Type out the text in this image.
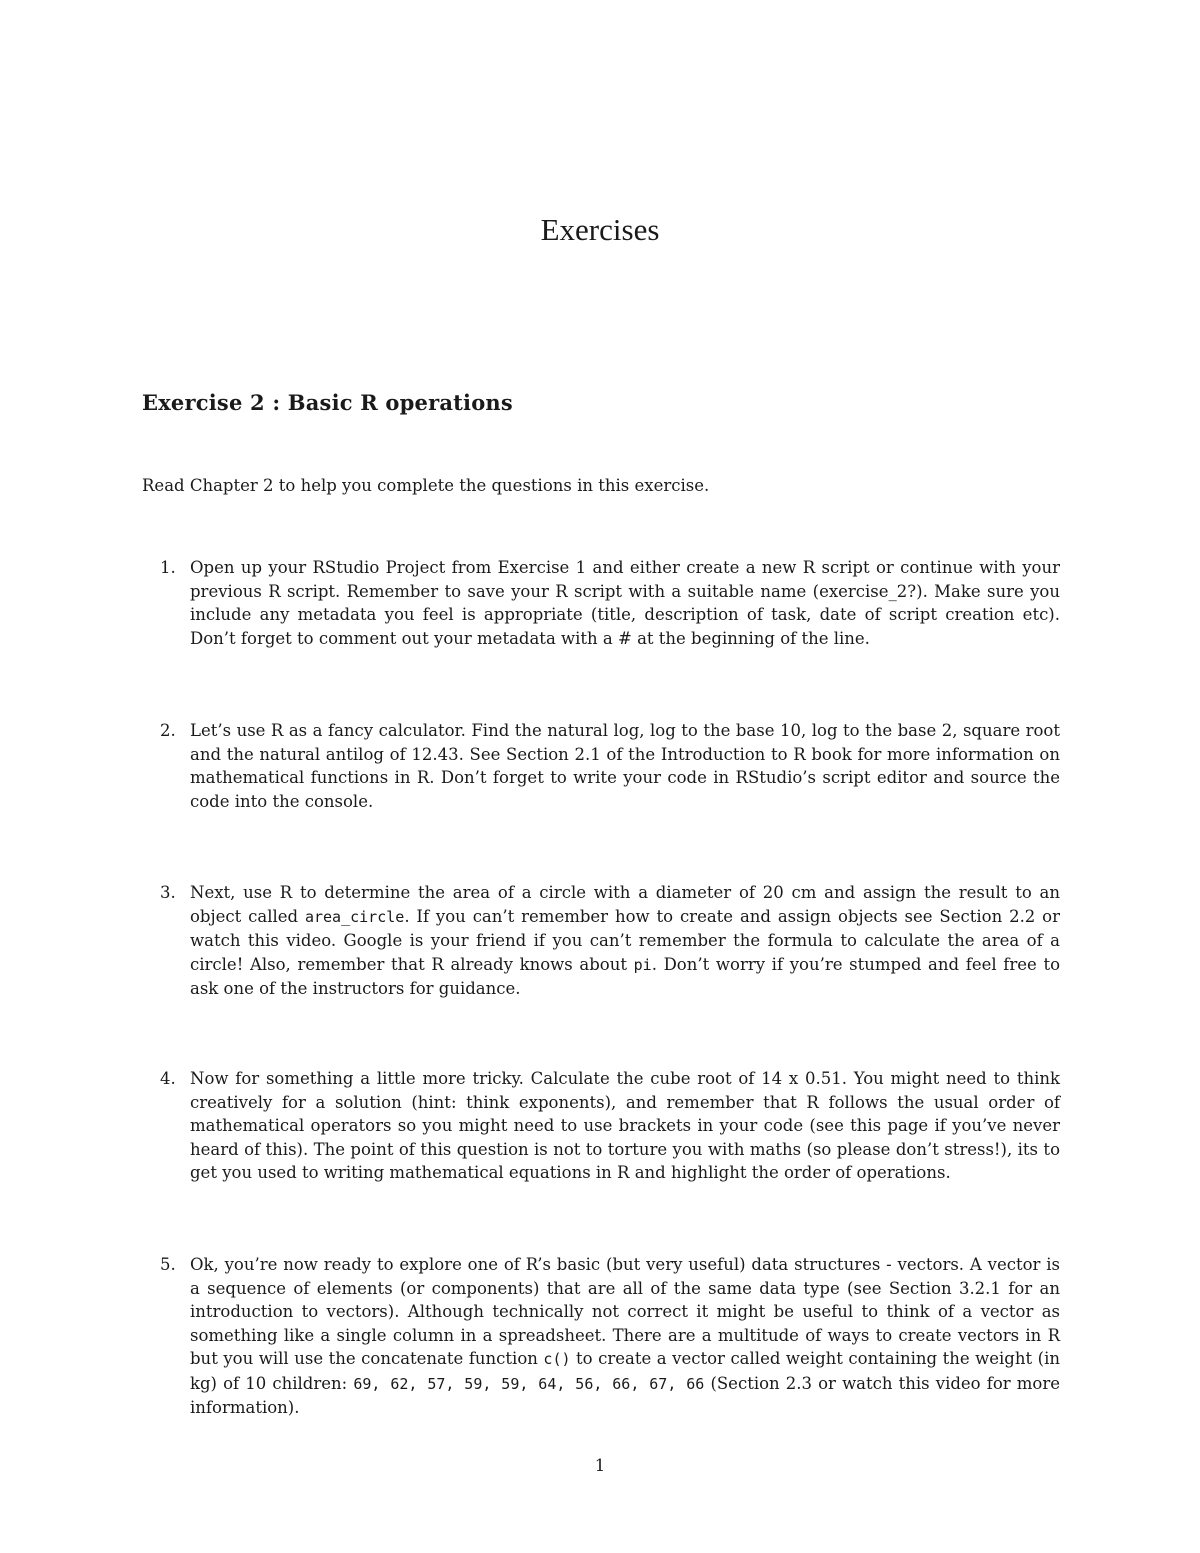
Exercises
Exercise 2 : Basic R operations
Read Chapter 2 to help you complete the questions in this exercise.
1. Open up your RStudio Project from Exercise 1 and either create a new R script or continue with your previous R script. Remember to save your R script with a suitable name (exercise_2?). Make sure you include any metadata you feel is appropriate (title, description of task, date of script creation etc). Don’t forget to comment out your metadata with a # at the beginning of the line.
2. Let’s use R as a fancy calculator. Find the natural log, log to the base 10, log to the base 2, square root and the natural antilog of 12.43. See Section 2.1 of the Introduction to R book for more information on mathematical functions in R. Don’t forget to write your code in RStudio’s script editor and source the code into the console.
3. Next, use R to determine the area of a circle with a diameter of 20 cm and assign the result to an object called area_circle. If you can’t remember how to create and assign objects see Section 2.2 or watch this video. Google is your friend if you can’t remember the formula to calculate the area of a circle! Also, remember that R already knows about pi. Don’t worry if you’re stumped and feel free to ask one of the instructors for guidance.
4. Now for something a little more tricky. Calculate the cube root of 14 x 0.51. You might need to think creatively for a solution (hint: think exponents), and remember that R follows the usual order of mathematical operators so you might need to use brackets in your code (see this page if you’ve never heard of this). The point of this question is not to torture you with maths (so please don’t stress!), its to get you used to writing mathematical equations in R and highlight the order of operations.
5. Ok, you’re now ready to explore one of R’s basic (but very useful) data structures - vectors. A vector is a sequence of elements (or components) that are all of the same data type (see Section 3.2.1 for an introduction to vectors). Although technically not correct it might be useful to think of a vector as something like a single column in a spreadsheet. There are a multitude of ways to create vectors in R but you will use the concatenate function c() to create a vector called weight containing the weight (in kg) of 10 children: 69, 62, 57, 59, 59, 64, 56, 66, 67, 66 (Section 2.3 or watch this video for more information).
1
